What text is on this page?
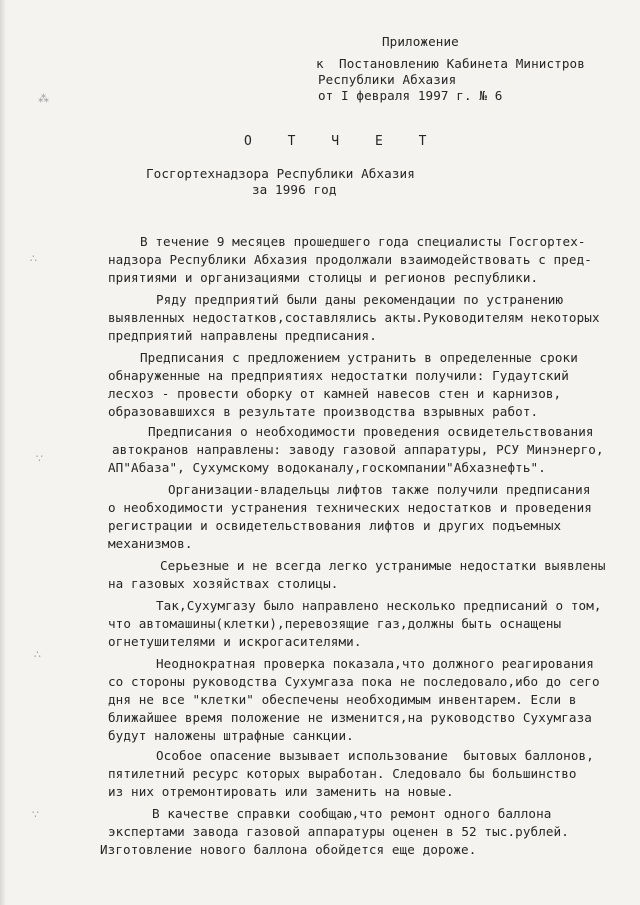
⁂
∴
∵
∴
∵
Приложение
к  Постановлению Кабинета Министров
Республики Абхазия
от I февраля 1997 г. № 6
О Т Ч Е Т
Госгортехнадзора Республики Абхазия
за 1996 год
В течение 9 месяцев прошедшего года специалисты Госгортех-
надзора Республики Абхазия продолжали взаимодействовать с пред-
приятиями и организациями столицы и регионов республики.
Ряду предприятий были даны рекомендации по устранению
выявленных недостатков,составлялись акты.Руководителям некоторых
предприятий направлены предписания.
Предписания с предложением устранить в определенные сроки
обнаруженные на предприятиях недостатки получили: Гудаутский
лесхоз - провести оборку от камней навесов стен и карнизов,
образовавшихся в результате производства взрывных работ.
Предписания о необходимости проведения освидетельствования
автокранов направлены: заводу газовой аппаратуры, РСУ Минэнерго,
АП"Абаза", Сухумскому водоканалу,госкомпании"Абхазнефть".
Организации-владельцы лифтов также получили предписания
о необходимости устранения технических недостатков и проведения
регистрации и освидетельствования лифтов и других подъемных
механизмов.
Серьезные и не всегда легко устранимые недостатки выявлены
на газовых хозяйствах столицы.
Так,Сухумгазу было направлено несколько предписаний о том,
что автомашины(клетки),перевозящие газ,должны быть оснащены
огнетушителями и искрогасителями.
Неоднократная проверка показала,что должного реагирования
со стороны руководства Сухумгаза пока не последовало,ибо до сего
дня не все "клетки" обеспечены необходимым инвентарем. Если в
ближайшее время положение не изменится,на руководство Сухумгаза
будут наложены штрафные санкции.
Особое опасение вызывает использование  бытовых баллонов,
пятилетний ресурс которых выработан. Следовало бы большинство
из них отремонтировать или заменить на новые.
В качестве справки сообщаю,что ремонт одного баллона
экспертами завода газовой аппаратуры оценен в 52 тыс.рублей.
Изготовление нового баллона обойдется еще дороже.
